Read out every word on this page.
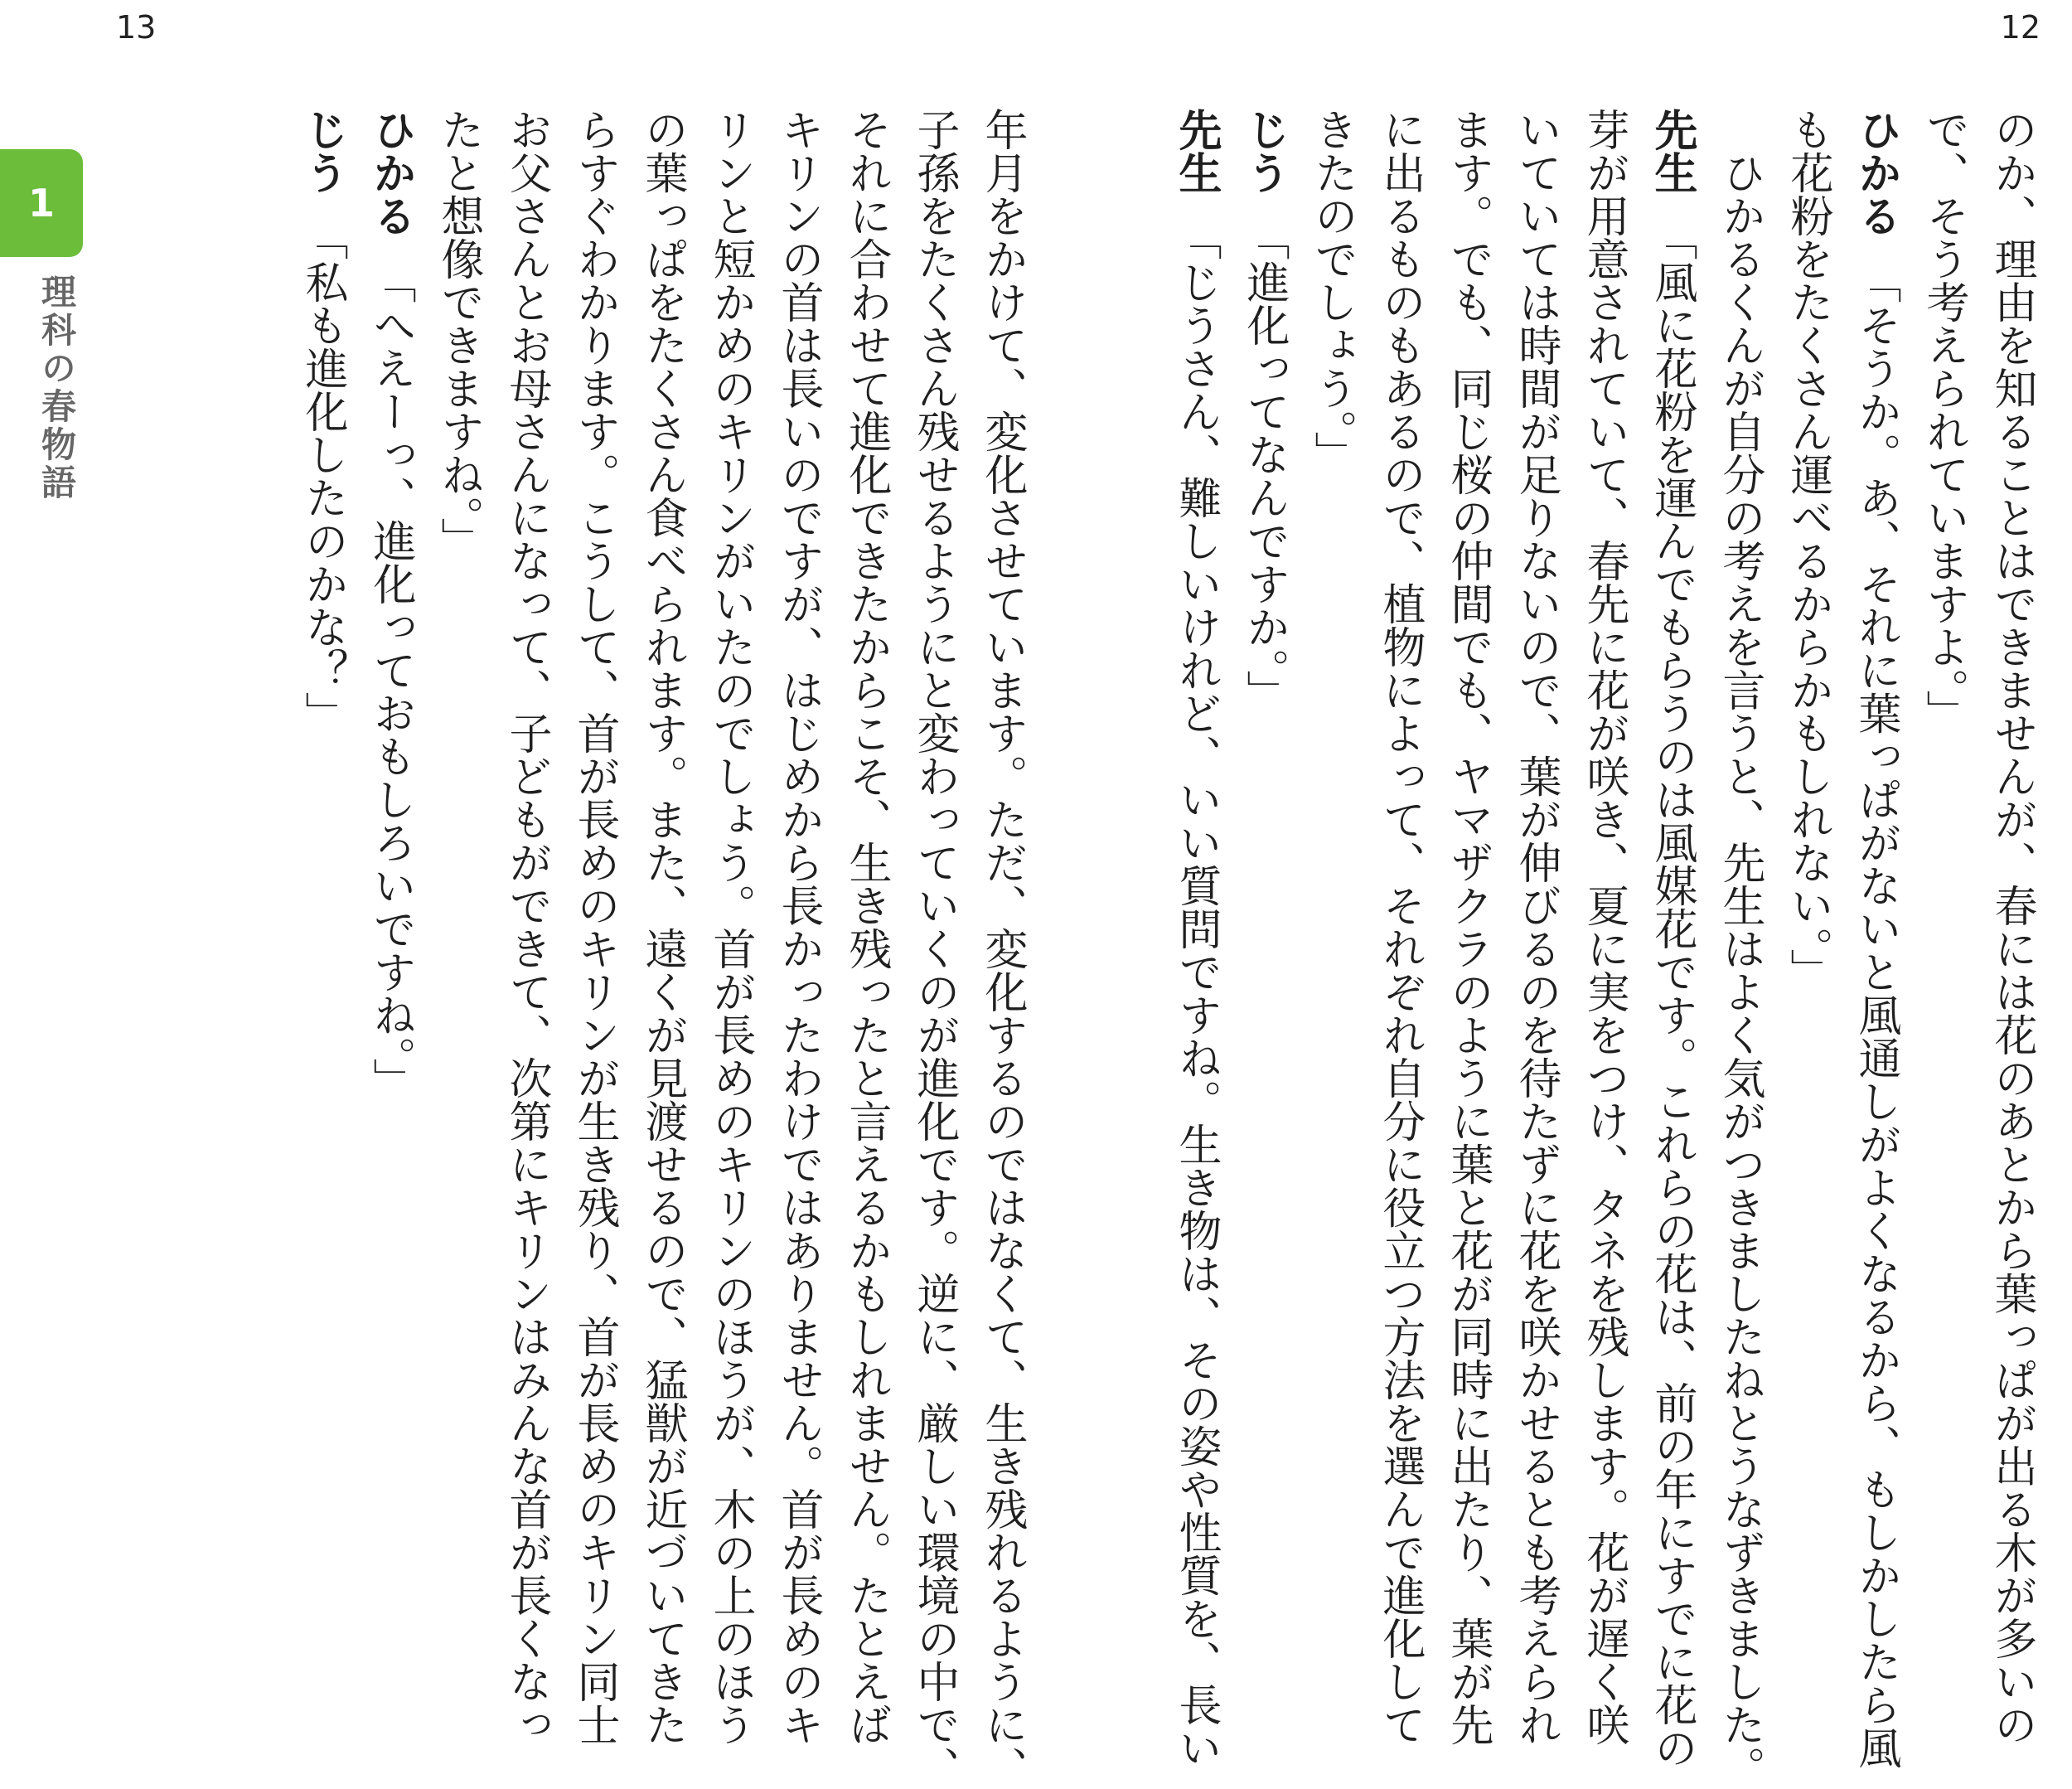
13	12
1
理科の春物語	のか、理由を知ることはできませんが、春には花のあとから葉っぱが出る木が多いの
で、そう考えられていますよ。」
ひかる「そうか。あ、それに葉っぱがないと風通しがよくなるから、もしかしたら風
も花粉をたくさん運べるからかもしれない。」
　ひかるくんが自分の考えを言うと、先生はよく気がつきましたねとうなずきました。
先生「風に花粉を運んでもらうのは風媒花です。これらの花は、前の年にすでに花の
芽が用意されていて、春先に花が咲き、夏に実をつけ、タネを残します。花が遅く咲
いていては時間が足りないので、葉が伸びるのを待たずに花を咲かせるとも考えられ
ます。でも、同じ桜の仲間でも、ヤマザクラのように葉と花が同時に出たり、葉が先
に出るものもあるので、植物によって、それぞれ自分に役立つ方法を選んで進化して
きたのでしょう。」
じう「進化ってなんですか。」
先生「じうさん、難しいけれど、いい質問ですね。生き物は、その姿や性質を、長い
年月をかけて、変化させています。ただ、変化するのではなくて、生き残れるように、
子孫をたくさん残せるようにと変わっていくのが進化です。逆に、厳しい環境の中で、
それに合わせて進化できたからこそ、生き残ったと言えるかもしれません。たとえば
キリンの首は長いのですが、はじめから長かったわけではありません。首が長めのキ
リンと短かめのキリンがいたのでしょう。首が長めのキリンのほうが、木の上のほう
の葉っぱをたくさん食べられます。また、遠くが見渡せるので、猛獣が近づいてきた
らすぐわかります。こうして、首が長めのキリンが生き残り、首が長めのキリン同士
お父さんとお母さんになって、子どもができて、次第にキリンはみんな首が長くなっ
たと想像できますね。」
ひかる「へえーっ、進化っておもしろいですね。」
じう「私も進化したのかな？」
